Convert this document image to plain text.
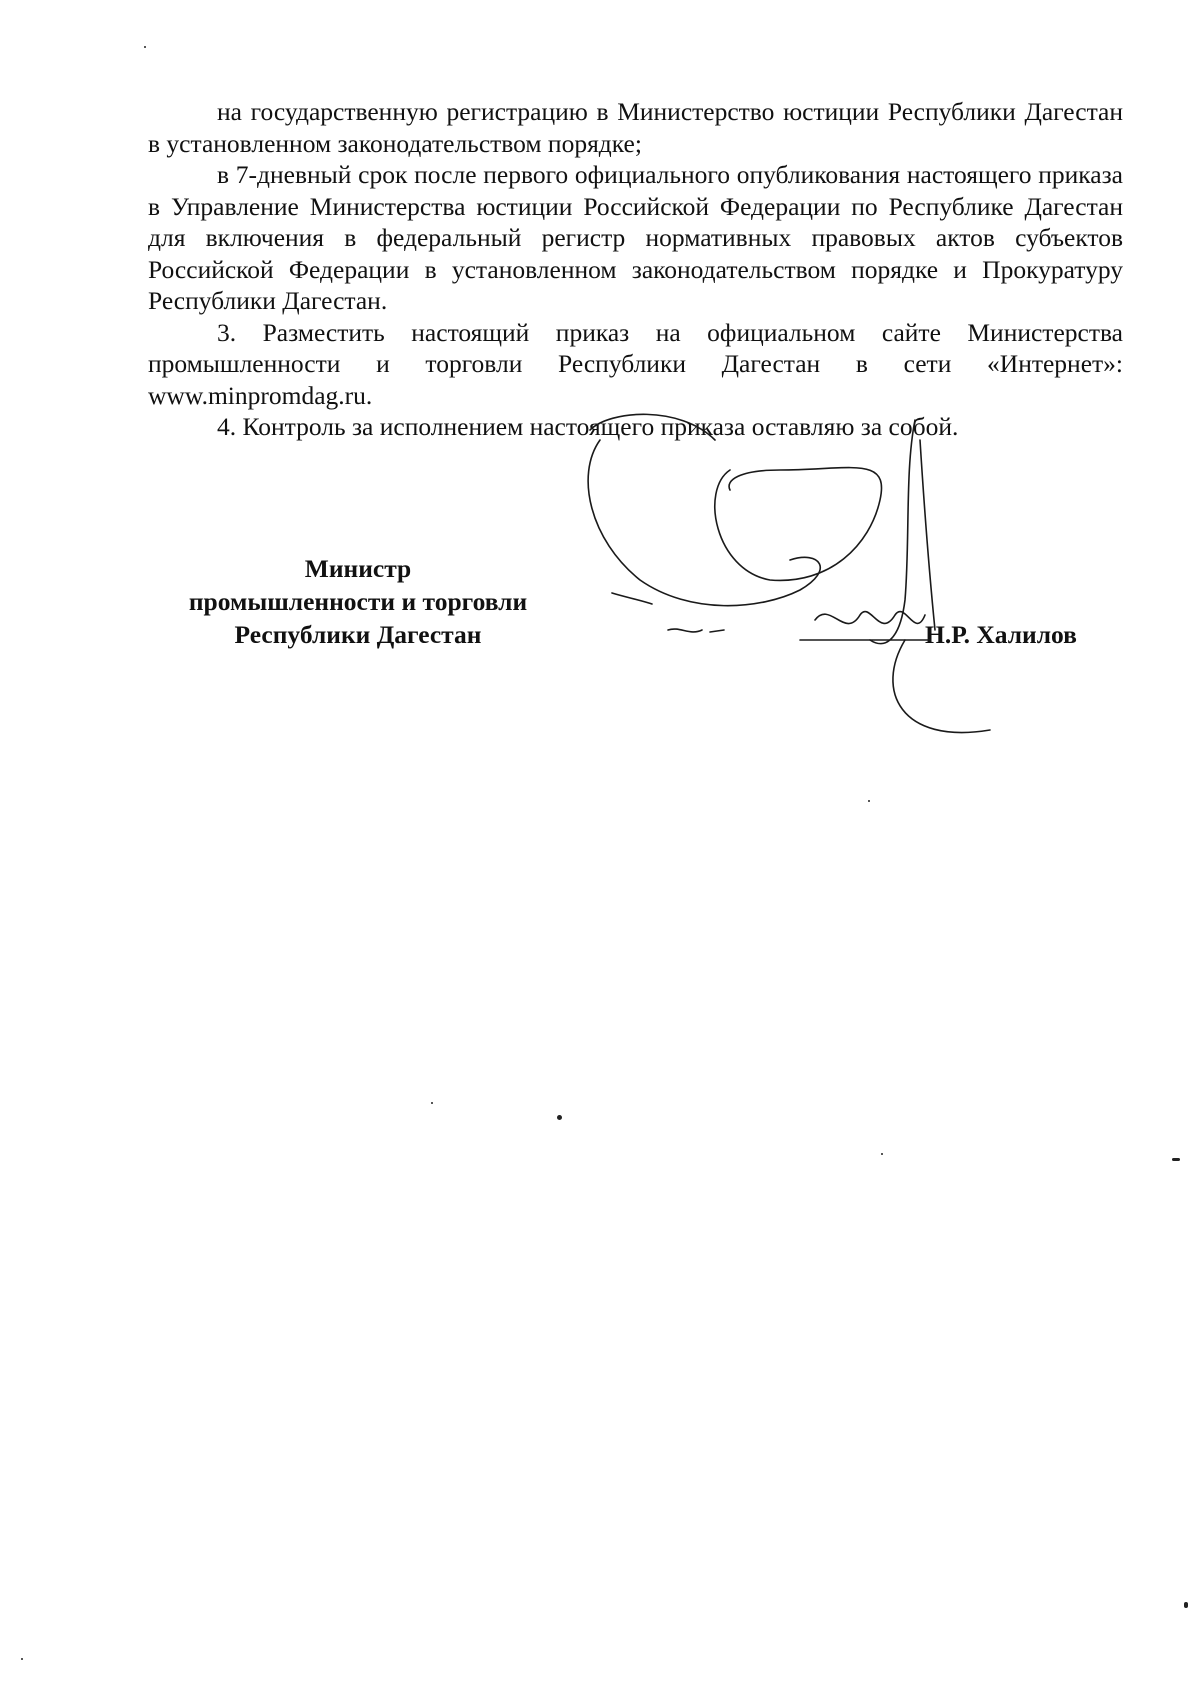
на государственную регистрацию в Министерство юстиции Республики Дагестан в установленном законодательством порядке;

в 7-дневный срок после первого официального опубликования настоящего приказа в Управление Министерства юстиции Российской Федерации по Республике Дагестан для включения в федеральный регистр нормативных правовых актов субъектов Российской Федерации в установленном законодательством порядке и Прокуратуру Республики Дагестан.

3. Разместить настоящий приказ на официальном сайте Министерства промышленности и торговли Республики Дагестан в сети «Интернет»: www.minpromdag.ru.

4. Контроль за исполнением настоящего приказа оставляю за собой.

Министр
промышленности и торговли
Республики Дагестан	Н.Р. Халилов
